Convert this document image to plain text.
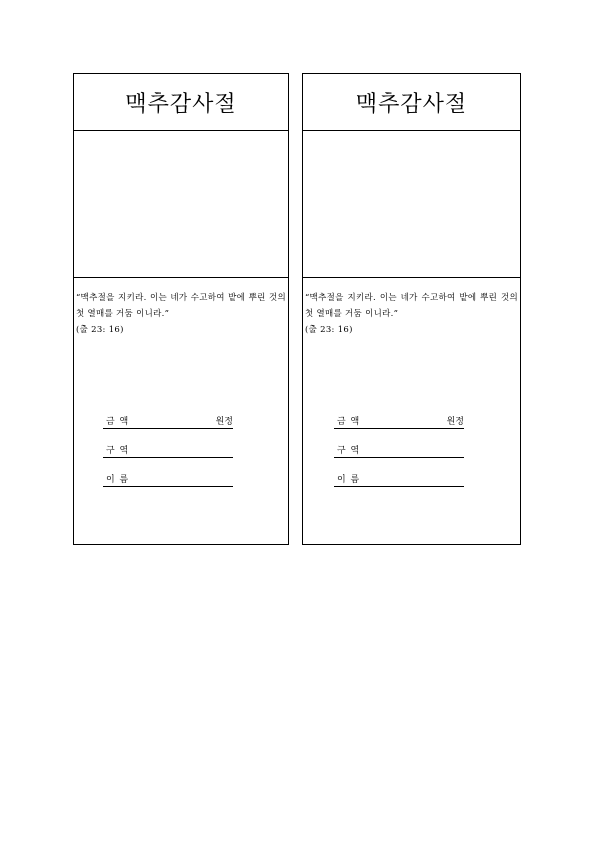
맥추감사절
“맥추절을 지키라. 이는 네가 수고하여 밭에 뿌린 것의 첫 열매를 거둠 이니라.”
(출 23: 16)
금 액	원정
구 역
이 름
맥추감사절
“맥추절을 지키라. 이는 네가 수고하여 밭에 뿌린 것의 첫 열매를 거둠 이니라.”
(출 23: 16)
금 액	원정
구 역
이 름
